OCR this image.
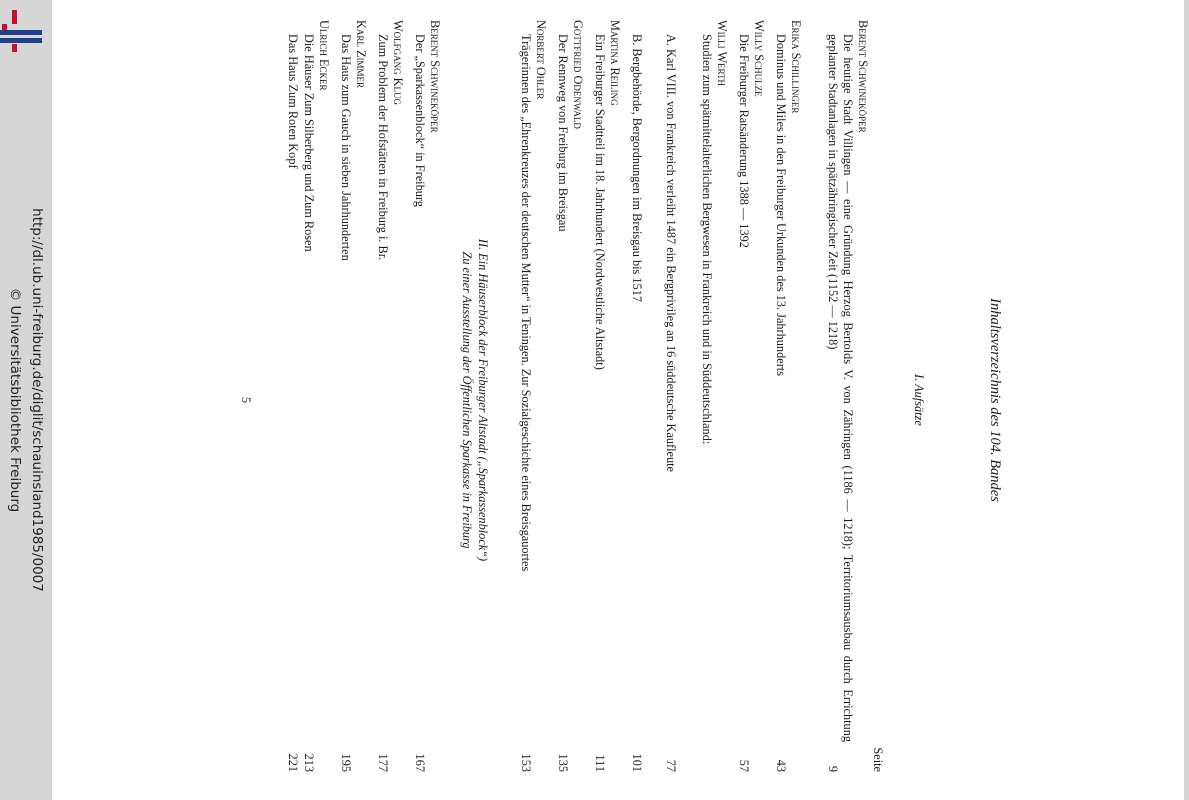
http://dl.ub.uni-freiburg.de/diglit/schauinsland1985/0007
© Universitätsbibliothek Freiburg	Inhaltsverzeichnis des 104. Bandes
I. Aufsätze
Seite
Berent Schwineköper
Die heutige Stadt Villingen — eine Gründung Herzog Bertolds V. von Zähringen (1186 — 1218); Territoriumsausbau durch Errichtung geplanter Stadtanlagen in spätzähringischer Zeit (1152 — 1218)
9
Erika Schillinger
Dominus und Miles in den Freiburger Urkunden des 13. Jahrhunderts
43
Willy Schulze
Die Freiburger Ratsänderung 1388 — 1392
57
Willi Werth
Studien zum spätmittelalterlichen Bergwesen in Frankreich und in Süddeutschland:
A. Karl VIII. von Frankreich verleiht 1487 ein Bergprivileg an 16 süddeutsche Kaufleute
77
B. Bergbehörde, Bergordnungen im Breisgau bis 1517
101
Martina Reiling
Ein Freiburger Stadtteil im 18. Jahrhundert (Nordwestliche Altstadt)
111
Gottfried Odenwald
Der Rennweg von Freiburg im Breisgau
135
Norbert Ohler
Trägerinnen des „Ehrenkreuzes der deutschen Mutter“ in Teningen. Zur Sozialgeschichte eines Breisgauortes
153
II. Ein Häuserblock der Freiburger Altstadt („Sparkassenblock“)
Zu einer Ausstellung der Öffentlichen Sparkasse in Freiburg
Berent Schwineköper
Der „Sparkassenblock“ in Freiburg
167
Wolfgang Klug
Zum Problem der Hofstätten in Freiburg i. Br.
177
Karl Zimmer
Das Haus zum Gauch in sieben Jahrhunderten
195
Ulrich Ecker
Die Häuser Zum Silberberg und Zum Rosen
213
Das Haus Zum Roten Kopf
221
5
